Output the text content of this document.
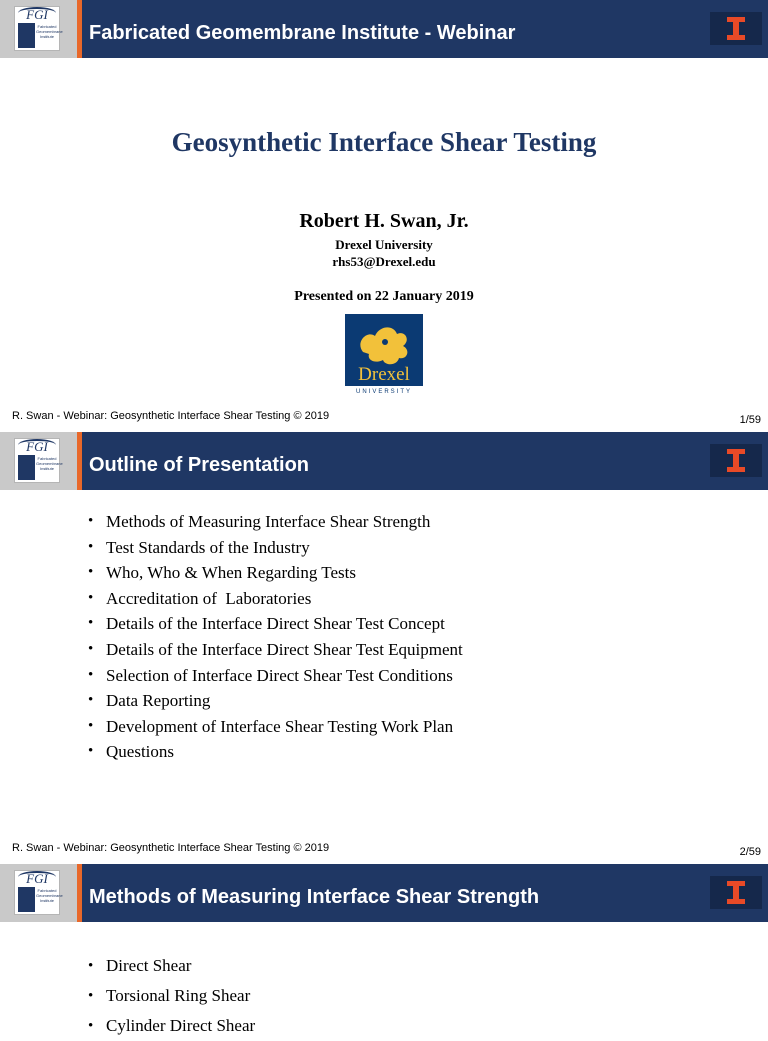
FGI
Fabricated
Geomembrane
Institute Fabricated Geomembrane Institute - Webinar
Geosynthetic Interface Shear Testing
Robert H. Swan, Jr.
Drexel University
rhs53@Drexel.edu
Presented on 22 January 2019
Drexel
UNIVERSITY
R. Swan - Webinar: Geosynthetic Interface Shear Testing © 2019	1/59
FGI
Fabricated
Geomembrane
Institute Outline of Presentation
• Methods of Measuring Interface Shear Strength
• Test Standards of the Industry
• Who, Who & When Regarding Tests
• Accreditation of  Laboratories
• Details of the Interface Direct Shear Test Concept
• Details of the Interface Direct Shear Test Equipment
• Selection of Interface Direct Shear Test Conditions
• Data Reporting
• Development of Interface Shear Testing Work Plan
• Questions
R. Swan - Webinar: Geosynthetic Interface Shear Testing © 2019	2/59
FGI
Fabricated
Geomembrane
Institute Methods of Measuring Interface Shear Strength
• Direct Shear
• Torsional Ring Shear
• Cylinder Direct Shear
